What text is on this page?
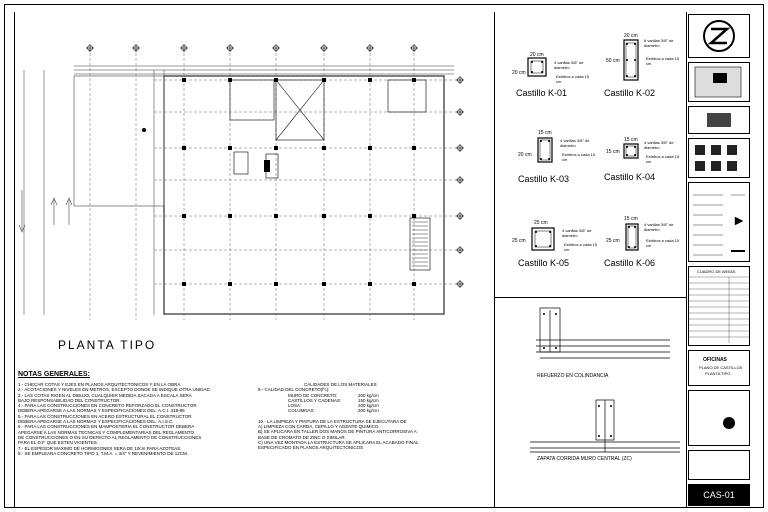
PLANTA TIPO
NOTAS GENERALES:
1.- CHECAR COTAS Y EJES EN PLANOS ARQUITECTONICOS Y EN LA OBRA.
2.- ACOTACIONES Y NIVELES EN METROS, EXCEPTO DONDE SE INDIQUE OTRA UNIDAD.
3.- LAS COTAS RIGEN AL DIBUJO, CUALQUIER MEDIDA SACADA A ESCALA SERA
BAJO RESPONSABILIDAD DEL CONSTRUCTOR.
4.- PARA LAS CONSTRUCCIONES EN CONCRETO REFORZADO EL CONSTRUCTOR
DEBERA APEGARSE A LAS NORMAS Y ESPECIFICACIONES DEL: A.C.I. 318-95
5.- PARA LAS CONSTRUCCIONES EN ACERO ESTRUCTURAL EL CONSTRUCTOR
DEBERA APEGARSE A LAS NORMAS Y ESPECIFICACIONES DEL: A.I.S.C.
6.- PARA LAS CONSTRUCCIONES EN MAMPOSTERIA EL CONSTRUCTOR DEBERA
APEGARSE A LAS NORMAS TECNICAS Y COMPLEMENTARIAS DEL REGLAMENTO
DE CONSTRUCCIONES O EN SU DEFECTO AL REGLAMENTO DE CONSTRUCCIONES
PARA EL D.F. QUE ESTEN VIGENTES.
7.- EL ESPESOR MAXIMO DE HORMIGONES SERA DE 10cm PARA AZOTEAS.
8.- SE EMPLEARA CONCRETO TIPO 1, T.M.A. = 3/4" Y REVENIMIENTO DE 12CM.
CALIDADES DE LOS MATERIALES
9.- CALIDAD DEL CONCRETO(f'c):
MURO DE CONCRETO:	200 kg/cm
CASTILLOS Y CADENAS:	150 kg/cm
LOSA:	200 kg/cm
COLUMNAS:	200 kg/cm
10.- LA LIMPIEZA Y PINTURA DE LA ESTRUCTURA SE EJECUTARA DE
A) LIMPIEZA CON CARDA, CEPILLO Y AGENTE QUIMICO.
B) SE APLICARA EN TALLER DOS MANOS DE PINTURA ANTICORROSIVA A
BASE DE CROMATO DE ZINC O SIMILAR.
C) UNA VEZ MONTADA LA ESTRUCTURA SE APLICARA EL ACABADO FINAL
ESPECIFICADO EN PLANOS ARQUITECTONICOS
20 cm
20 cm
4 varillas 3/8" de diametro
Estribos a cada 15 cm
Castillo K-01
20 cm
50 cm
6 varillas 3/8" de diametro
Estribos a cada 15 cm
Castillo K-02
15 cm
20 cm
4 varillas 3/8" de diametro
Estribos a cada 15 cm
Castillo K-03
15 cm
15 cm
4 varillas 3/8" de diametro
Estribos a cada 15 cm
Castillo K-04
25 cm
25 cm
4 varillas 3/8" de diametro
Estribos a cada 15 cm
Castillo K-05
15 cm
25 cm
4 varillas 3/8" de diametro
Estribos a cada 15 cm
Castillo K-06
REFUERZO EN COLINDANCIA
ZAPATA CORRIDA MURO CENTRAL (ZC)
CUADRO DE AREAS
OFICINAS
PLANO DE CASTILLOS
PLANTA TIPO
CAS-01
